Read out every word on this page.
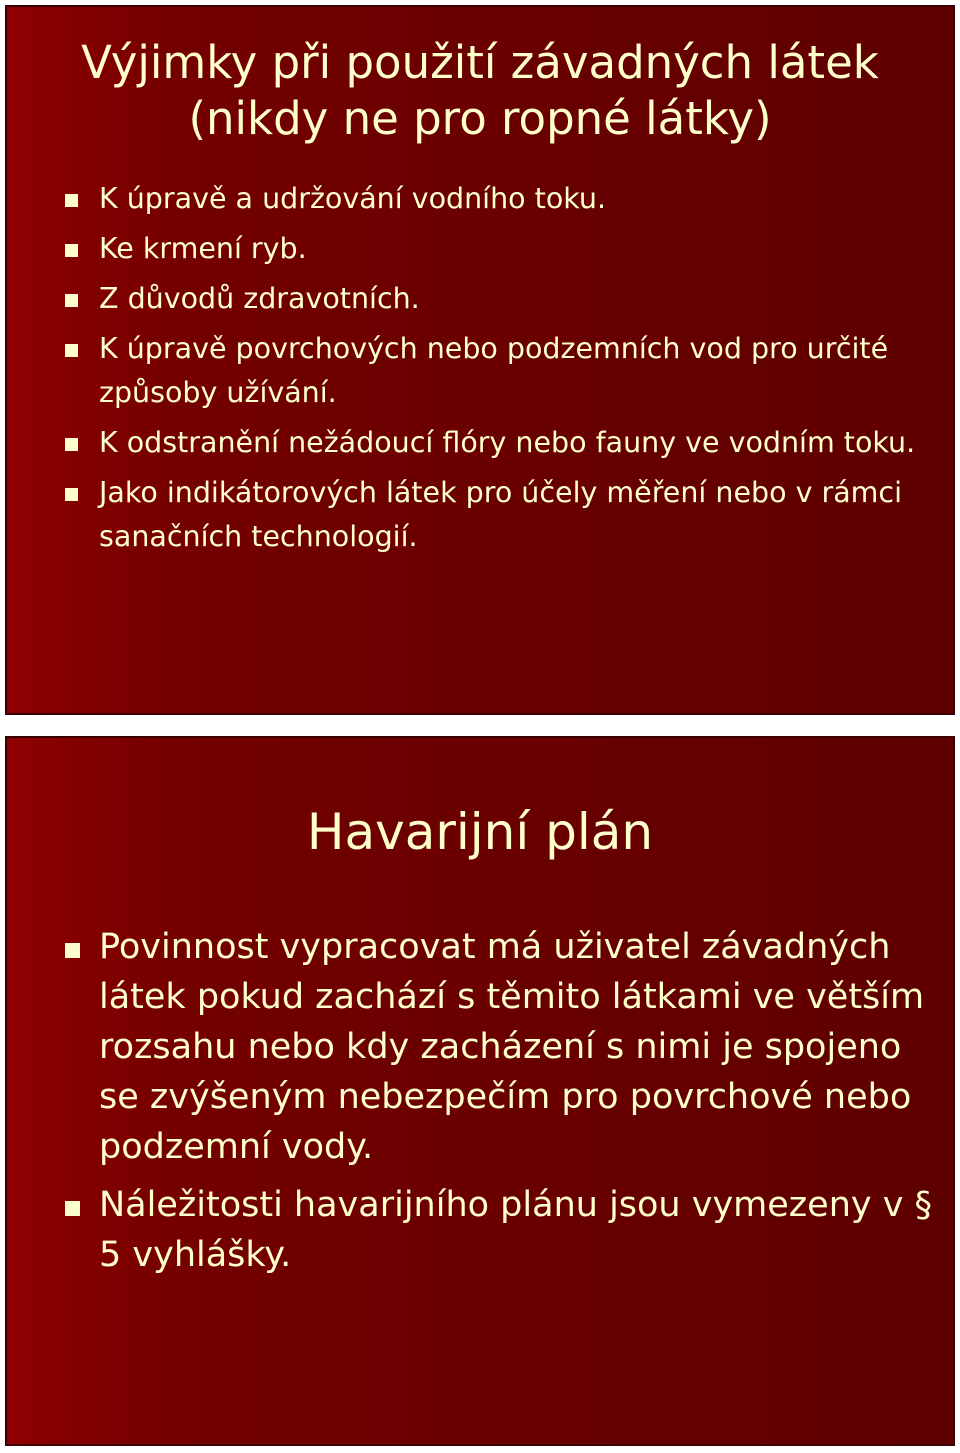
Výjimky při použití závadných látek
(nikdy ne pro ropné látky)
K úpravě a udržování vodního toku.
Ke krmení ryb.
Z důvodů zdravotních.
K úpravě povrchových nebo podzemních vod pro určité způsoby užívání.
K odstranění nežádoucí flóry nebo fauny ve vodním toku.
Jako indikátorových látek pro účely měření nebo v rámci sanačních technologií.
Havarijní plán
Povinnost vypracovat má uživatel závadných látek pokud zachází s těmito látkami ve větším rozsahu nebo kdy zacházení s nimi je spojeno se zvýšeným nebezpečím pro povrchové nebo podzemní vody.
Náležitosti havarijního plánu jsou vymezeny v § 5 vyhlášky.
